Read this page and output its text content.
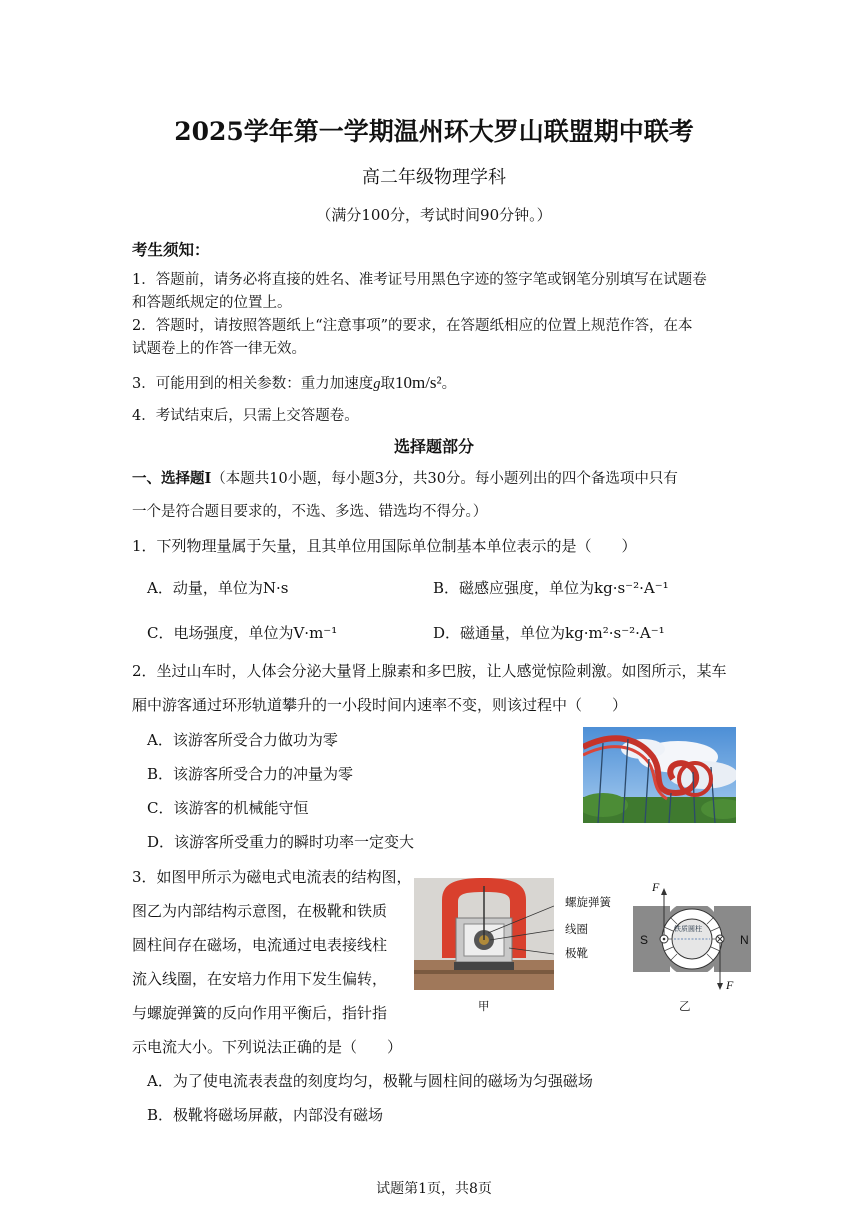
2025学年第一学期温州环大罗山联盟期中联考
高二年级物理学科
（满分100分，考试时间90分钟。）
考生须知：
1．答题前，请务必将直接的姓名、准考证号用黑色字迹的签字笔或钢笔分别填写在试题卷
和答题纸规定的位置上。
2．答题时，请按照答题纸上“注意事项”的要求，在答题纸相应的位置上规范作答，在本
试题卷上的作答一律无效。
3．可能用到的相关参数：重力加速度g取10m/s²。
4．考试结束后，只需上交答题卷。
选择题部分
一、选择题Ⅰ（本题共10小题，每小题3分，共30分。每小题列出的四个备选项中只有
一个是符合题目要求的，不选、多选、错选均不得分。）
1．下列物理量属于矢量，且其单位用国际单位制基本单位表示的是（　　）
A．动量，单位为N·s	B．磁感应强度，单位为kg·s⁻²·A⁻¹
C．电场强度，单位为V·m⁻¹	D．磁通量，单位为kg·m²·s⁻²·A⁻¹
2．坐过山车时，人体会分泌大量肾上腺素和多巴胺，让人感觉惊险刺激。如图所示，某车
厢中游客通过环形轨道攀升的一小段时间内速率不变，则该过程中（　　）
A．该游客所受合力做功为零
B．该游客所受合力的冲量为零
C．该游客的机械能守恒
D．该游客所受重力的瞬时功率一定变大
3．如图甲所示为磁电式电流表的结构图，
图乙为内部结构示意图，在极靴和铁质
圆柱间存在磁场，电流通过电表接线柱
流入线圈，在安培力作用下发生偏转，
与螺旋弹簧的反向作用平衡后，指针指
示电流大小。下列说法正确的是（　　）
A．为了使电流表表盘的刻度均匀，极靴与圆柱间的磁场为匀强磁场
B．极靴将磁场屏蔽，内部没有磁场
螺旋弹簧
线圈
极靴
甲
S	N
F
F
铁质圆柱
乙
试题第1页，共8页
